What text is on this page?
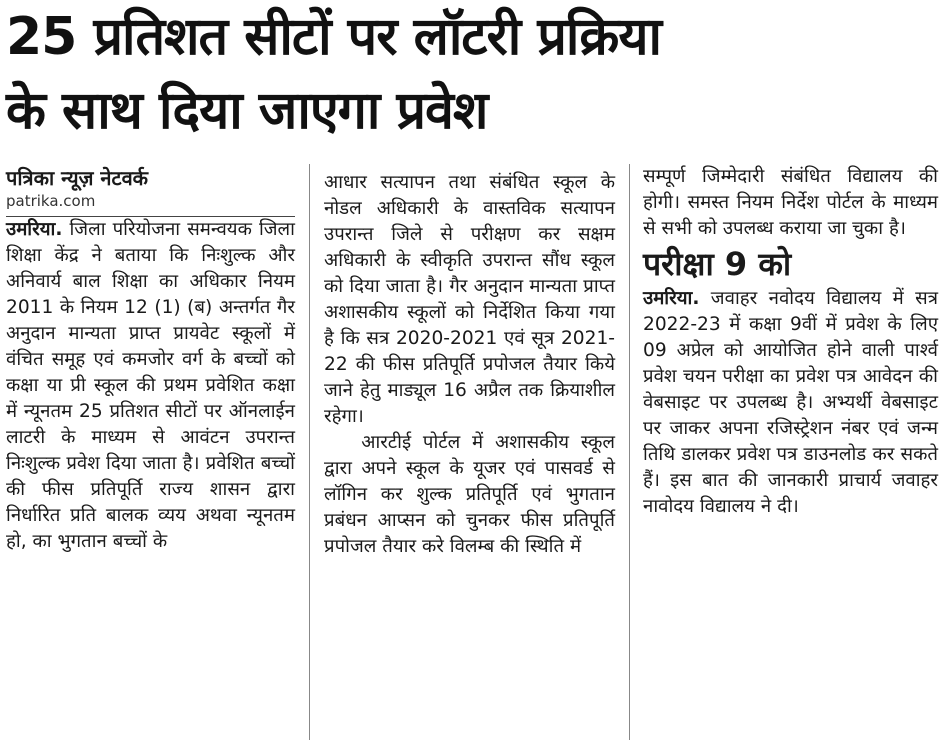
25 प्रतिशत सीटों पर लॉटरी प्रक्रिया
के साथ दिया जाएगा प्रवेश

पत्रिका न्यूज़ नेटवर्क

patrika.com

उमरिया. जिला परियोजना समन्वयक जिला शिक्षा केंद्र ने बताया कि निःशुल्क और अनिवार्य बाल शिक्षा का अधिकार नियम 2011 के नियम 12 (1) (ब) अन्तर्गत गैर अनुदान मान्यता प्राप्त प्रायवेट स्कूलों में वंचित समूह एवं कमजोर वर्ग के बच्चों को कक्षा या प्री स्कूल की प्रथम प्रवेशित कक्षा में न्यूनतम 25 प्रतिशत सीटों पर ऑनलाईन लाटरी के माध्यम से आवंटन उपरान्त निःशुल्क प्रवेश दिया जाता है। प्रवेशित बच्चों की फीस प्रतिपूर्ति राज्य शासन द्वारा निर्धारित प्रति बालक व्यय अथवा न्यूनतम हो, का भुगतान बच्चों के

आधार सत्यापन तथा संबंधित स्कूल के नोडल अधिकारी के वास्तविक सत्यापन उपरान्त जिले से परीक्षण कर सक्षम अधिकारी के स्वीकृति उपरान्त सौंध स्कूल को दिया जाता है। गैर अनुदान मान्यता प्राप्त अशासकीय स्कूलों को निर्देशित किया गया है कि सत्र 2020-2021 एवं सूत्र 2021-22 की फीस प्रतिपूर्ति प्रपोजल तैयार किये जाने हेतु माड्यूल 16 अप्रैल तक क्रियाशील रहेगा।

आरटीई पोर्टल में अशासकीय स्कूल द्वारा अपने स्कूल के यूजर एवं पासवर्ड से लॉगिन कर शुल्क प्रतिपूर्ति एवं भुगतान प्रबंधन आप्सन को चुनकर फीस प्रतिपूर्ति प्रपोजल तैयार करे विलम्ब की स्थिति में

सम्पूर्ण जिम्मेदारी संबंधित विद्यालय की होगी। समस्त नियम निर्देश पोर्टल के माध्यम से सभी को उपलब्ध कराया जा चुका है।

परीक्षा 9 को

उमरिया. जवाहर नवोदय विद्यालय में सत्र 2022-23 में कक्षा 9वीं में प्रवेश के लिए 09 अप्रेल को आयोजित होने वाली पार्श्व प्रवेश चयन परीक्षा का प्रवेश पत्र आवेदन की वेबसाइट पर उपलब्ध है। अभ्यर्थी वेबसाइट पर जाकर अपना रजिस्ट्रेशन नंबर एवं जन्म तिथि डालकर प्रवेश पत्र डाउनलोड कर सकते हैं। इस बात की जानकारी प्राचार्य जवाहर नावोदय विद्यालय ने दी।
